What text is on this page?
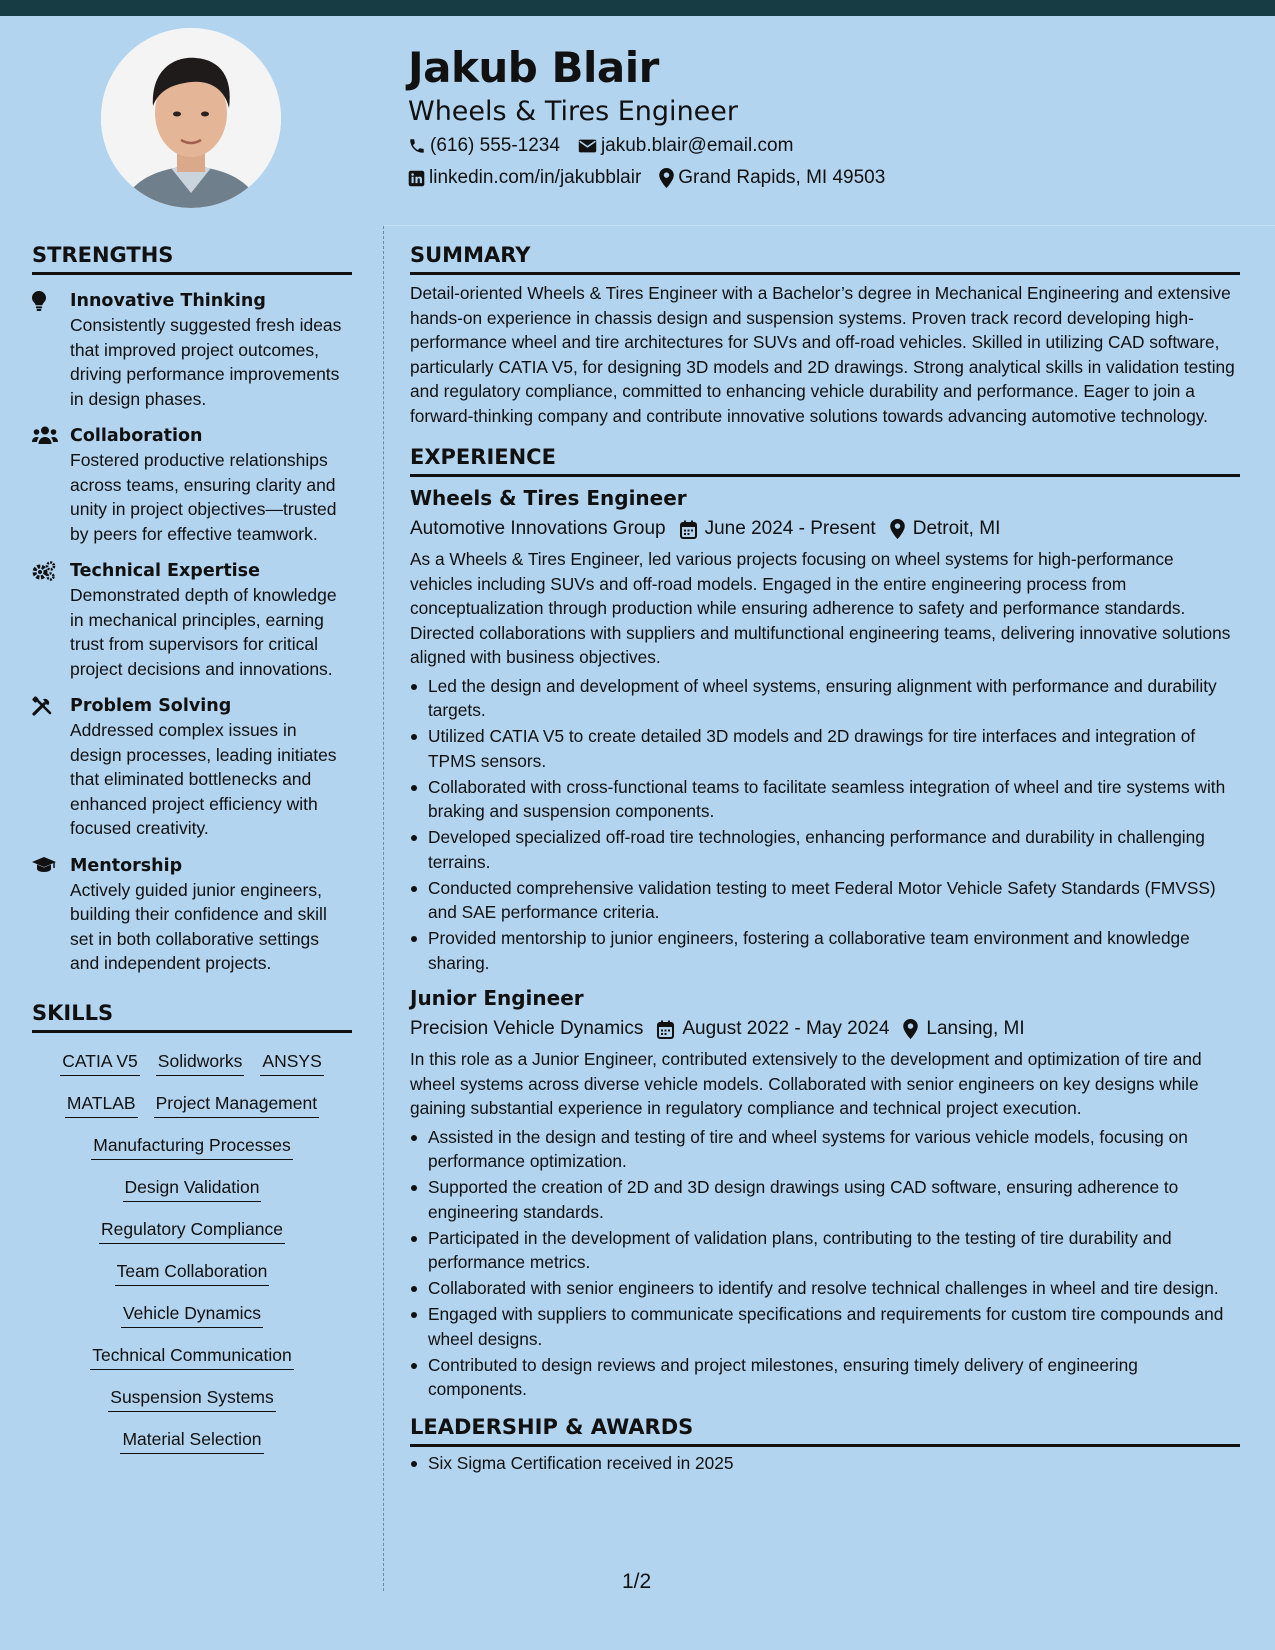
Jakub Blair
Wheels & Tires Engineer
(616) 555-1234 jakub.blair@email.com
linkedin.com/in/jakubblair Grand Rapids, MI 49503
STRENGTHS
Innovative Thinking
Consistently suggested fresh ideas that improved project outcomes, driving performance improvements in design phases.
Collaboration
Fostered productive relationships across teams, ensuring clarity and unity in project objectives—trusted by peers for effective teamwork.
Technical Expertise
Demonstrated depth of knowledge in mechanical principles, earning trust from supervisors for critical project decisions and innovations.
Problem Solving
Addressed complex issues in design processes, leading initiates that eliminated bottlenecks and enhanced project efficiency with focused creativity.
Mentorship
Actively guided junior engineers, building their confidence and skill set in both collaborative settings and independent projects.
SKILLS
CATIA V5 Solidworks ANSYS
MATLAB Project Management
Manufacturing Processes
Design Validation
Regulatory Compliance
Team Collaboration
Vehicle Dynamics
Technical Communication
Suspension Systems
Material Selection
SUMMARY

Detail-oriented Wheels & Tires Engineer with a Bachelor’s degree in Mechanical Engineering and extensive hands-on experience in chassis design and suspension systems. Proven track record developing high-performance wheel and tire architectures for SUVs and off-road vehicles. Skilled in utilizing CAD software, particularly CATIA V5, for designing 3D models and 2D drawings. Strong analytical skills in validation testing and regulatory compliance, committed to enhancing vehicle durability and performance. Eager to join a forward-thinking company and contribute innovative solutions towards advancing automotive technology.

EXPERIENCE
Wheels & Tires Engineer
Automotive Innovations Group June 2024 - Present Detroit, MI

As a Wheels & Tires Engineer, led various projects focusing on wheel systems for high-performance vehicles including SUVs and off-road models. Engaged in the entire engineering process from conceptualization through production while ensuring adherence to safety and performance standards. Directed collaborations with suppliers and multifunctional engineering teams, delivering innovative solutions aligned with business objectives.

Led the design and development of wheel systems, ensuring alignment with performance and durability targets.
Utilized CATIA V5 to create detailed 3D models and 2D drawings for tire interfaces and integration of TPMS sensors.
Collaborated with cross-functional teams to facilitate seamless integration of wheel and tire systems with braking and suspension components.
Developed specialized off-road tire technologies, enhancing performance and durability in challenging terrains.
Conducted comprehensive validation testing to meet Federal Motor Vehicle Safety Standards (FMVSS) and SAE performance criteria.
Provided mentorship to junior engineers, fostering a collaborative team environment and knowledge sharing.
Junior Engineer
Precision Vehicle Dynamics August 2022 - May 2024 Lansing, MI

In this role as a Junior Engineer, contributed extensively to the development and optimization of tire and wheel systems across diverse vehicle models. Collaborated with senior engineers on key designs while gaining substantial experience in regulatory compliance and technical project execution.

Assisted in the design and testing of tire and wheel systems for various vehicle models, focusing on performance optimization.
Supported the creation of 2D and 3D design drawings using CAD software, ensuring adherence to engineering standards.
Participated in the development of validation plans, contributing to the testing of tire durability and performance metrics.
Collaborated with senior engineers to identify and resolve technical challenges in wheel and tire design.
Engaged with suppliers to communicate specifications and requirements for custom tire compounds and wheel designs.
Contributed to design reviews and project milestones, ensuring timely delivery of engineering components.
LEADERSHIP & AWARDS
Six Sigma Certification received in 2025
1/2
